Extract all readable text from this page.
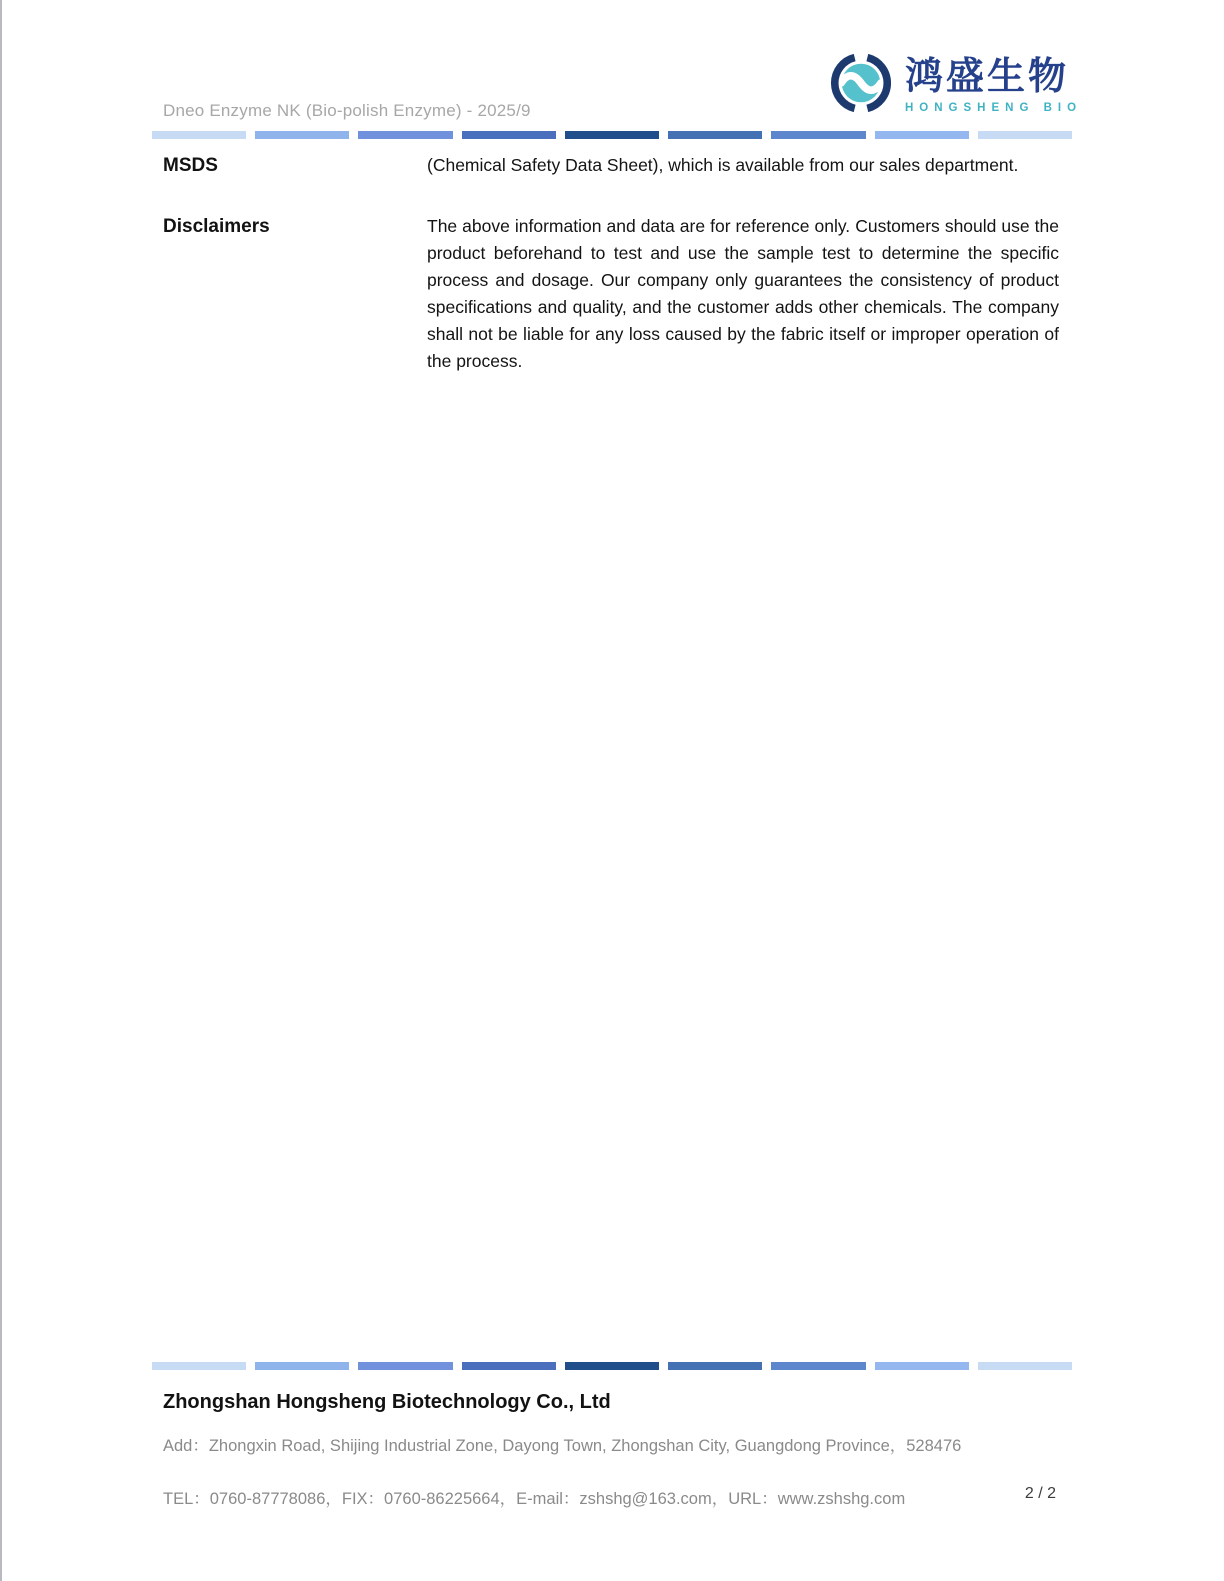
Dneo Enzyme NK (Bio-polish Enzyme) - 2025/9
鸿盛生物
HONGSHENG BIO
MSDS	(Chemical Safety Data Sheet), which is available from our sales department.
Disclaimers	The above information and data are for reference only. Customers should use the product beforehand to test and use the sample test to determine the specific process and dosage. Our company only guarantees the consistency of product specifications and quality, and the customer adds other chemicals. The company shall not be liable for any loss caused by the fabric itself or improper operation of the process.
Zhongshan Hongsheng Biotechnology Co., Ltd
Add：Zhongxin Road, Shijing Industrial Zone, Dayong Town, Zhongshan City, Guangdong Province，528476
TEL：0760-87778086，FIX：0760-86225664，E-mail：zshshg@163.com，URL：www.zshshg.com	2 / 2
